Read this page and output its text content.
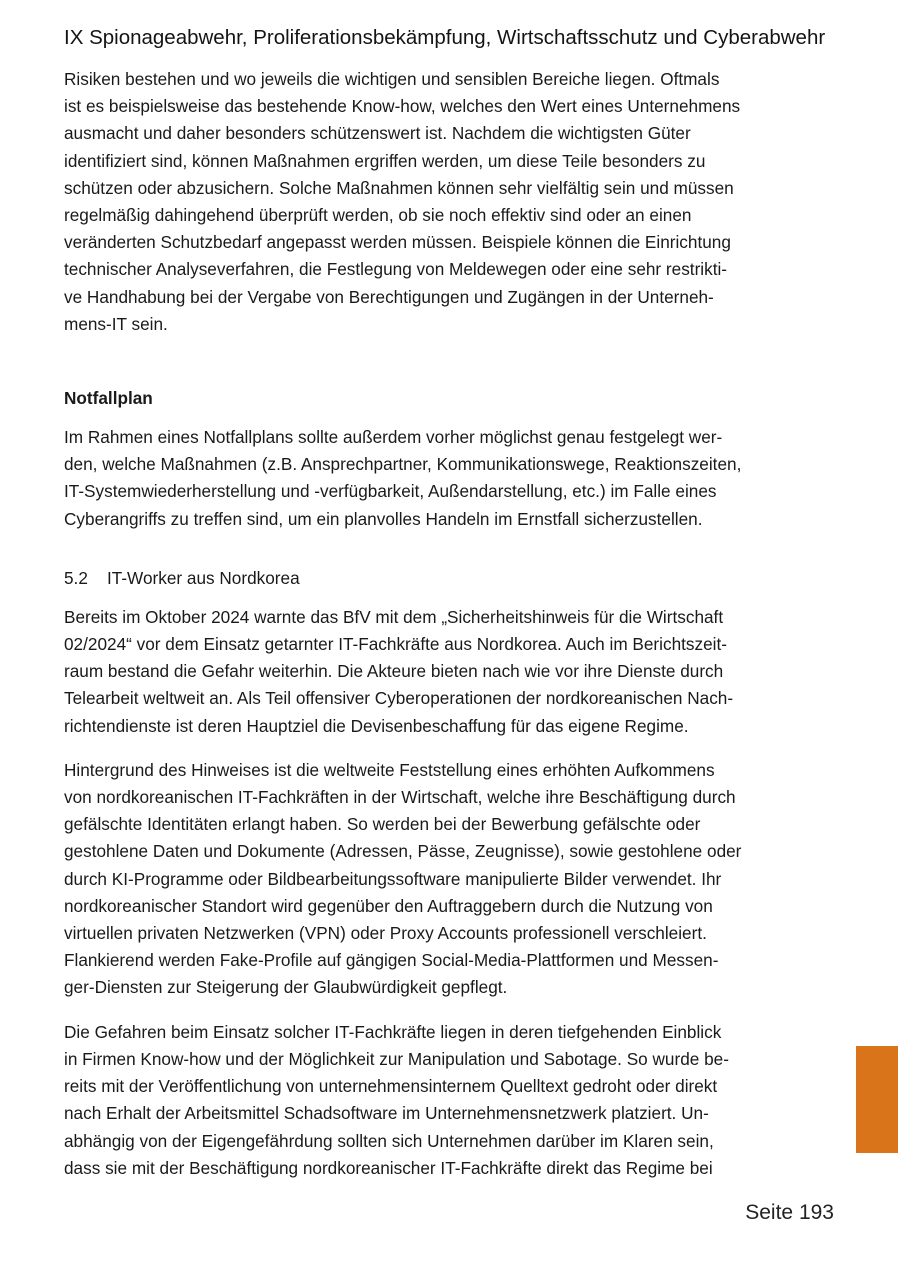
IX Spionageabwehr, Proliferationsbekämpfung, Wirtschaftsschutz und Cyberabwehr

Risiken bestehen und wo jeweils die wichtigen und sensiblen Bereiche liegen. Oftmals
ist es beispielsweise das bestehende Know-how, welches den Wert eines Unternehmens
ausmacht und daher besonders schützenswert ist. Nachdem die wichtigsten Güter
identifiziert sind, können Maßnahmen ergriffen werden, um diese Teile besonders zu
schützen oder abzusichern. Solche Maßnahmen können sehr vielfältig sein und müssen
regelmäßig dahingehend überprüft werden, ob sie noch effektiv sind oder an einen
veränderten Schutzbedarf angepasst werden müssen. Beispiele können die Einrichtung
technischer Analyseverfahren, die Festlegung von Meldewegen oder eine sehr restrikti-
ve Handhabung bei der Vergabe von Berechtigungen und Zugängen in der Unterneh-
mens-IT sein.

Notfallplan

Im Rahmen eines Notfallplans sollte außerdem vorher möglichst genau festgelegt wer-
den, welche Maßnahmen (z.B. Ansprechpartner, Kommunikationswege, Reaktionszeiten,
IT-Systemwiederherstellung und -verfügbarkeit, Außendarstellung, etc.) im Falle eines
Cyberangriffs zu treffen sind, um ein planvolles Handeln im Ernstfall sicherzustellen.

5.2 IT-Worker aus Nordkorea

Bereits im Oktober 2024 warnte das BfV mit dem „Sicherheitshinweis für die Wirtschaft
02/2024“ vor dem Einsatz getarnter IT-Fachkräfte aus Nordkorea. Auch im Berichtszeit-
raum bestand die Gefahr weiterhin. Die Akteure bieten nach wie vor ihre Dienste durch
Telearbeit weltweit an. Als Teil offensiver Cyberoperationen der nordkoreanischen Nach-
richtendienste ist deren Hauptziel die Devisenbeschaffung für das eigene Regime.

Hintergrund des Hinweises ist die weltweite Feststellung eines erhöhten Aufkommens
von nordkoreanischen IT-Fachkräften in der Wirtschaft, welche ihre Beschäftigung durch
gefälschte Identitäten erlangt haben. So werden bei der Bewerbung gefälschte oder
gestohlene Daten und Dokumente (Adressen, Pässe, Zeugnisse), sowie gestohlene oder
durch KI-Programme oder Bildbearbeitungssoftware manipulierte Bilder verwendet. Ihr
nordkoreanischer Standort wird gegenüber den Auftraggebern durch die Nutzung von
virtuellen privaten Netzwerken (VPN) oder Proxy Accounts professionell verschleiert.
Flankierend werden Fake-Profile auf gängigen Social-Media-Plattformen und Messen-
ger-Diensten zur Steigerung der Glaubwürdigkeit gepflegt.

Die Gefahren beim Einsatz solcher IT-Fachkräfte liegen in deren tiefgehenden Einblick
in Firmen Know-how und der Möglichkeit zur Manipulation und Sabotage. So wurde be-
reits mit der Veröffentlichung von unternehmensinternem Quelltext gedroht oder direkt
nach Erhalt der Arbeitsmittel Schadsoftware im Unternehmensnetzwerk platziert. Un-
abhängig von der Eigengefährdung sollten sich Unternehmen darüber im Klaren sein,
dass sie mit der Beschäftigung nordkoreanischer IT-Fachkräfte direkt das Regime bei

Seite 193
